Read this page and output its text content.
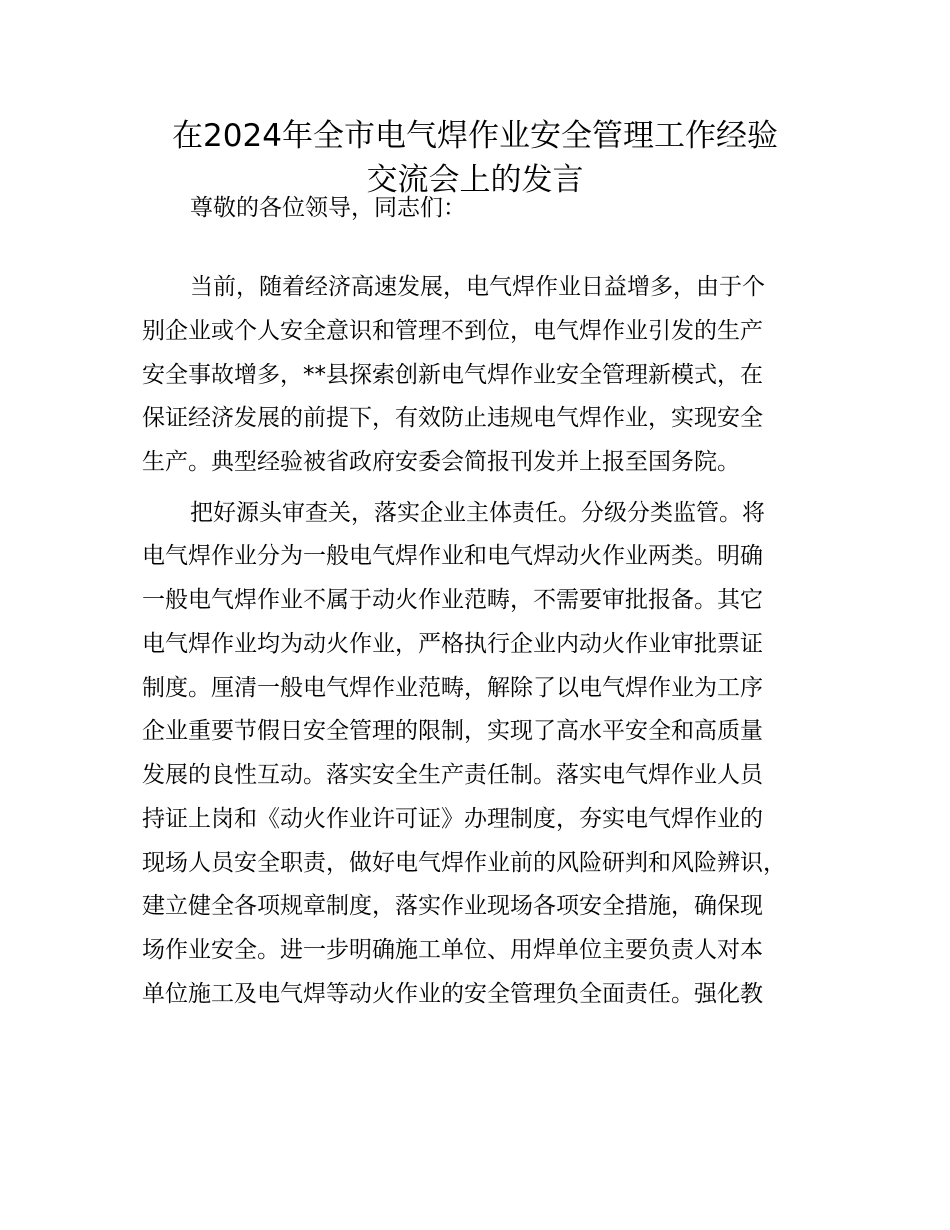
在2024年全市电气焊作业安全管理工作经验
交流会上的发言

尊敬的各位领导，同志们：

当前，随着经济高速发展，电气焊作业日益增多，由于个

别企业或个人安全意识和管理不到位，电气焊作业引发的生产

安全事故增多，**县探索创新电气焊作业安全管理新模式，在

保证经济发展的前提下，有效防止违规电气焊作业，实现安全

生产。典型经验被省政府安委会简报刊发并上报至国务院。

把好源头审查关，落实企业主体责任。分级分类监管。将

电气焊作业分为一般电气焊作业和电气焊动火作业两类。明确

一般电气焊作业不属于动火作业范畴，不需要审批报备。其它

电气焊作业均为动火作业，严格执行企业内动火作业审批票证

制度。厘清一般电气焊作业范畴，解除了以电气焊作业为工序

企业重要节假日安全管理的限制，实现了高水平安全和高质量

发展的良性互动。落实安全生产责任制。落实电气焊作业人员

持证上岗和《动火作业许可证》办理制度，夯实电气焊作业的

现场人员安全职责，做好电气焊作业前的风险研判和风险辨识，

建立健全各项规章制度，落实作业现场各项安全措施，确保现

场作业安全。进一步明确施工单位、用焊单位主要负责人对本

单位施工及电气焊等动火作业的安全管理负全面责任。强化教
